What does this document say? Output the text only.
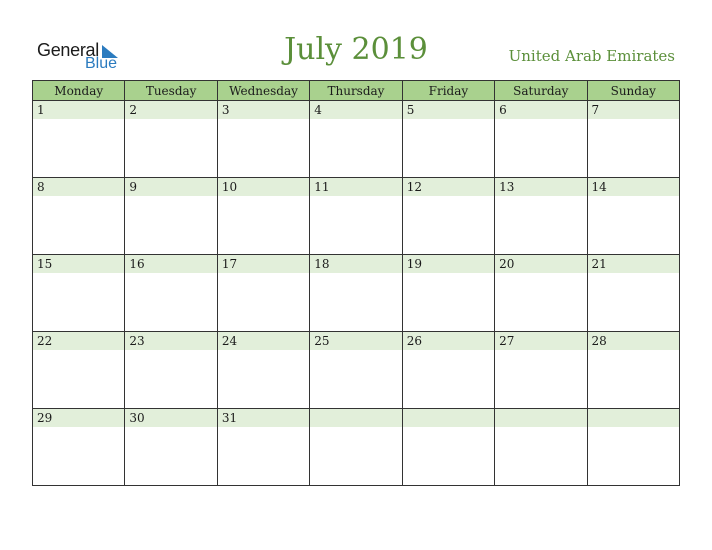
General
Blue	July 2019	United Arab Emirates
Monday	Tuesday	Wednesday	Thursday	Friday	Saturday	Sunday

1	2	3	4	5	6	7

8	9	10	11	12	13	14

15	16	17	18	19	20	21

22	23	24	25	26	27	28

29	30	31				
